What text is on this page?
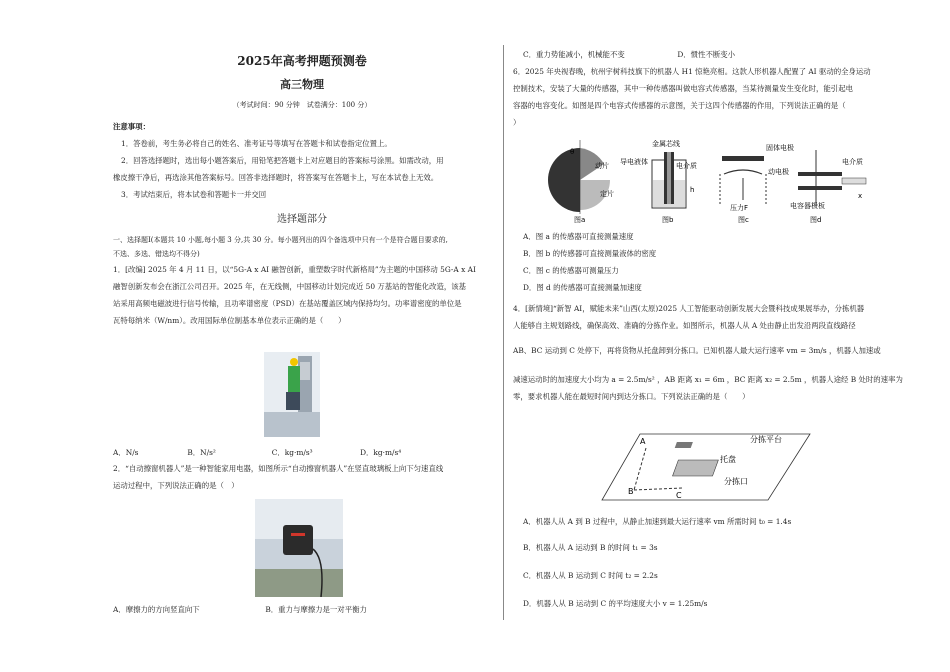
2025年高考押题预测卷
高三物理
（考试时间：90 分钟　试卷满分：100 分）
注意事项：
1．答卷前，考生务必将自己的姓名、准考证号等填写在答题卡和试卷指定位置上。
2．回答选择题时，选出每小题答案后，用铅笔把答题卡上对应题目的答案标号涂黑。如需改动，用
橡皮擦干净后，再选涂其他答案标号。回答非选择题时，将答案写在答题卡上，写在本试卷上无效。
3．考试结束后，将本试卷和答题卡一并交回
选择题部分
一、选择题Ⅰ(本题共 10 小题,每小题 3 分,共 30 分。每小题列出的四个备选项中只有一个是符合题目要求的,
不选、多选、错选均不得分)
1．[改编] 2025 年 4 月 11 日，以“5G-A x AI 融智创新，重塑数字时代新格局”为主题的中国移动 5G-A x AI
融智创新发布会在浙江公司召开。2025 年，在无线侧，中国移动计划完成近 50 万基站的智能化改造，该基
站采用高频电磁波进行信号传输，且功率谱密度（PSD）在基站覆盖区域内保持均匀。功率谱密度的单位是
瓦特每纳米（W/nm）。改用国际单位制基本单位表示正确的是（　　）
A．N/s	B．N/s²	C．kg·m/s³	D．kg·m/s⁴
2．“自动擦窗机器人”是一种智能家用电器，如图所示“自动擦窗机器人”在竖直玻璃板上向下匀速直线
运动过程中，下列说法正确的是（　）
A．摩擦力的方向竖直向下	B．重力与摩擦力是一对平衡力
C．重力势能减小，机械能不变	D．惯性不断变小
6．2025 年央视春晚，杭州宇树科技旗下的机器人 H1 惊艳亮相。这款人形机器人配置了 AI 驱动的全身运动
控制技术，安装了大量的传感器，其中一种传感器叫做电容式传感器，当某待测量发生变化时，能引起电
容器的电容变化。如图是四个电容式传感器的示意图，关于这四个传感器的作用，下列说法正确的是（
）
θ
动片
定片
图a
金属芯线
导电液体	电介质
h
图b
固体电极
动电极
压力F
图c
电介质
电容器极板
x
图d
A．图 a 的传感器可直接测量速度
B．图 b 的传感器可直接测量液体的密度
C．图 c 的传感器可测量压力
D．图 d 的传感器可直接测量加速度
4．[新情境]“新智 AI，赋能未来”山西(太原)2025 人工智能驱动创新发展大会暨科技成果展举办，分拣机器
人能够自主规划路线，确保高效、准确的分拣作业。如图所示，机器人从 A 处由静止出发沿两段直线路径
AB、BC 运动到 C 处停下，再将货物从托盘卸到分拣口。已知机器人最大运行速率 vm = 3m/s ，机器人加速或
减速运动时的加速度大小均为 a = 2.5m/s² ，AB 距离 x₁ = 6m ，BC 距离 x₂ = 2.5m ，机器人途经 B 处时的速率为
零，要求机器人能在最短时间内到达分拣口。下列说法正确的是（　　）
A
B	C
分拣平台
托盘
分拣口
A．机器人从 A 到 B 过程中，从静止加速到最大运行速率 vm 所需时间 t₀ = 1.4s
B．机器人从 A 运动到 B 的时间 t₁ = 3s
C．机器人从 B 运动到 C 时间 t₂ = 2.2s
D．机器人从 B 运动到 C 的平均速度大小 v = 1.25m/s
